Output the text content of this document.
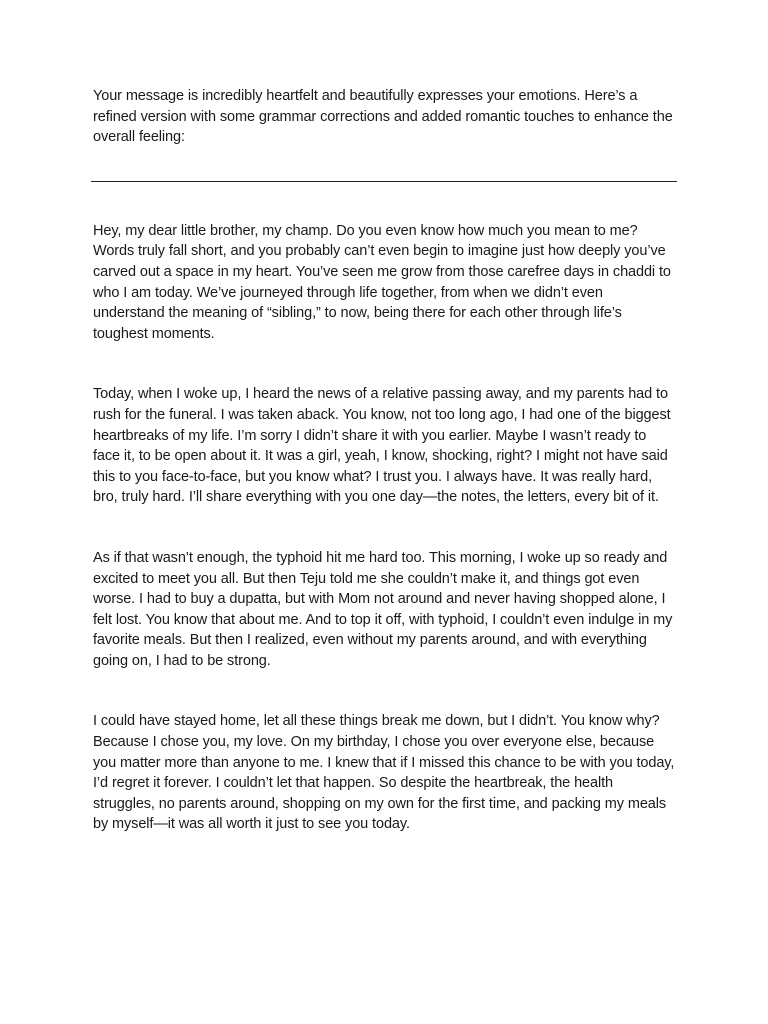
Your message is incredibly heartfelt and beautifully expresses your emotions. Here’s a refined version with some grammar corrections and added romantic touches to enhance the overall feeling:

Hey, my dear little brother, my champ. Do you even know how much you mean to me? Words truly fall short, and you probably can’t even begin to imagine just how deeply you’ve carved out a space in my heart. You’ve seen me grow from those carefree days in chaddi to who I am today. We’ve journeyed through life together, from when we didn’t even understand the meaning of “sibling,” to now, being there for each other through life’s toughest moments.

Today, when I woke up, I heard the news of a relative passing away, and my parents had to rush for the funeral. I was taken aback. You know, not too long ago, I had one of the biggest heartbreaks of my life. I’m sorry I didn’t share it with you earlier. Maybe I wasn’t ready to face it, to be open about it. It was a girl, yeah, I know, shocking, right? I might not have said this to you face-to-face, but you know what? I trust you. I always have. It was really hard, bro, truly hard. I’ll share everything with you one day—the notes, the letters, every bit of it.

As if that wasn’t enough, the typhoid hit me hard too. This morning, I woke up so ready and excited to meet you all. But then Teju told me she couldn’t make it, and things got even worse. I had to buy a dupatta, but with Mom not around and never having shopped alone, I felt lost. You know that about me. And to top it off, with typhoid, I couldn’t even indulge in my favorite meals. But then I realized, even without my parents around, and with everything going on, I had to be strong.

I could have stayed home, let all these things break me down, but I didn’t. You know why? Because I chose you, my love. On my birthday, I chose you over everyone else, because you matter more than anyone to me. I knew that if I missed this chance to be with you today, I’d regret it forever. I couldn’t let that happen. So despite the heartbreak, the health struggles, no parents around, shopping on my own for the first time, and packing my meals by myself—it was all worth it just to see you today.
